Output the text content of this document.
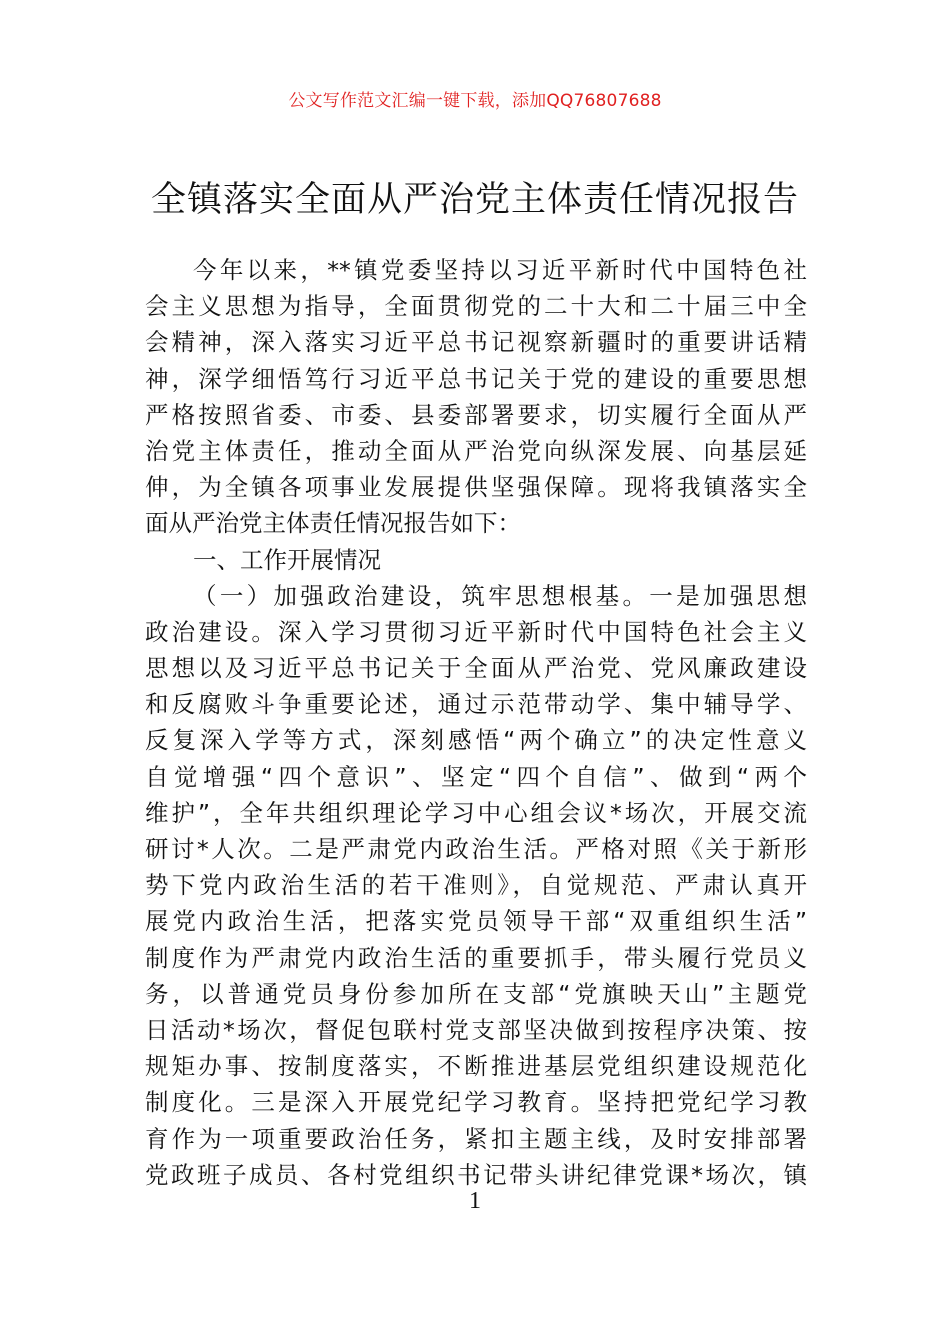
公文写作范文汇编一键下载，添加QQ76807688
全镇落实全面从严治党主体责任情况报告
今年以来，**镇党委坚持以习近平新时代中国特色社
会主义思想为指导，全面贯彻党的二十大和二十届三中全
会精神，深入落实习近平总书记视察新疆时的重要讲话精
神，深学细悟笃行习近平总书记关于党的建设的重要思想
严格按照省委、市委、县委部署要求，切实履行全面从严
治党主体责任，推动全面从严治党向纵深发展、向基层延
伸，为全镇各项事业发展提供坚强保障。现将我镇落实全
面从严治党主体责任情况报告如下：
一、工作开展情况
（一）加强政治建设，筑牢思想根基。一是加强思想
政治建设。深入学习贯彻习近平新时代中国特色社会主义
思想以及习近平总书记关于全面从严治党、党风廉政建设
和反腐败斗争重要论述，通过示范带动学、集中辅导学、
反复深入学等方式，深刻感悟“两个确立”的决定性意义
自觉增强“四个意识”、坚定“四个自信”、做到“两个
维护”，全年共组织理论学习中心组会议*场次，开展交流
研讨*人次。二是严肃党内政治生活。严格对照《关于新形
势下党内政治生活的若干准则》，自觉规范、严肃认真开
展党内政治生活，把落实党员领导干部“双重组织生活”
制度作为严肃党内政治生活的重要抓手，带头履行党员义
务，以普通党员身份参加所在支部“党旗映天山”主题党
日活动*场次，督促包联村党支部坚决做到按程序决策、按
规矩办事、按制度落实，不断推进基层党组织建设规范化
制度化。三是深入开展党纪学习教育。坚持把党纪学习教
育作为一项重要政治任务，紧扣主题主线，及时安排部署
党政班子成员、各村党组织书记带头讲纪律党课*场次，镇
1
